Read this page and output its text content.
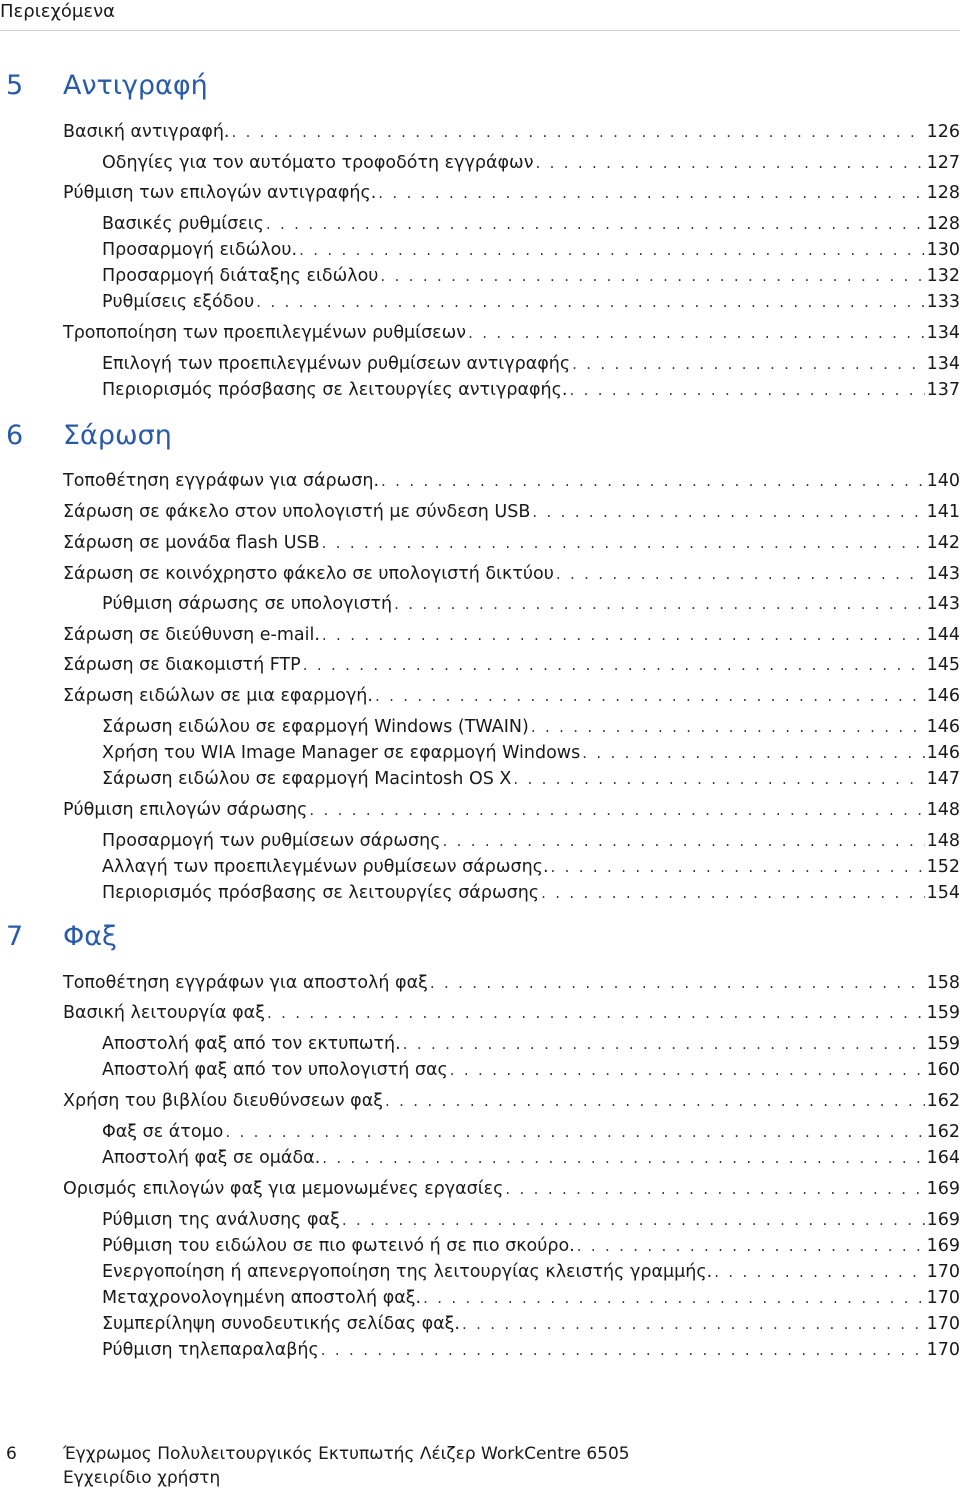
Περιεχόμενα
5 Αντιγραφή
Βασική αντιγραφή. . . .	126
Οδηγίες για τον αυτόματο τροφοδότη εγγράφων . . .	127
Ρύθμιση των επιλογών αντιγραφής. . . .	128
Βασικές ρυθμίσεις . . .	128
Προσαρμογή ειδώλου. . . .	130
Προσαρμογή διάταξης ειδώλου . . .	132
Ρυθμίσεις εξόδου . . .	133
Τροποποίηση των προεπιλεγμένων ρυθμίσεων . . .	134
Επιλογή των προεπιλεγμένων ρυθμίσεων αντιγραφής . . .	134
Περιορισμός πρόσβασης σε λειτουργίες αντιγραφής. . . .	137
6 Σάρωση
Τοποθέτηση εγγράφων για σάρωση. . . .	140
Σάρωση σε φάκελο στον υπολογιστή με σύνδεση USB . . .	141
Σάρωση σε μονάδα flash USB . . .	142
Σάρωση σε κοινόχρηστο φάκελο σε υπολογιστή δικτύου . . .	143
Ρύθμιση σάρωσης σε υπολογιστή . . .	143
Σάρωση σε διεύθυνση e-mail. . . .	144
Σάρωση σε διακομιστή FTP . . .	145
Σάρωση ειδώλων σε μια εφαρμογή. . . .	146
Σάρωση ειδώλου σε εφαρμογή Windows (TWAIN) . . .	146
Χρήση του WIA Image Manager σε εφαρμογή Windows . . .	146
Σάρωση ειδώλου σε εφαρμογή Macintosh OS X . . .	147
Ρύθμιση επιλογών σάρωσης . . .	148
Προσαρμογή των ρυθμίσεων σάρωσης . . .	148
Αλλαγή των προεπιλεγμένων ρυθμίσεων σάρωσης. . . .	152
Περιορισμός πρόσβασης σε λειτουργίες σάρωσης . . .	154
7 Φαξ
Τοποθέτηση εγγράφων για αποστολή φαξ . . .	158
Βασική λειτουργία φαξ . . .	159
Αποστολή φαξ από τον εκτυπωτή. . . .	159
Αποστολή φαξ από τον υπολογιστή σας . . .	160
Χρήση του βιβλίου διευθύνσεων φαξ . . .	162
Φαξ σε άτομο . . .	162
Αποστολή φαξ σε ομάδα. . . .	164
Ορισμός επιλογών φαξ για μεμονωμένες εργασίες . . .	169
Ρύθμιση της ανάλυσης φαξ . . .	169
Ρύθμιση του ειδώλου σε πιο φωτεινό ή σε πιο σκούρο. . . .	169
Ενεργοποίηση ή απενεργοποίηση της λειτουργίας κλειστής γραμμής. . . .	170
Μεταχρονολογημένη αποστολή φαξ. . . .	170
Συμπερίληψη συνοδευτικής σελίδας φαξ. . . .	170
Ρύθμιση τηλεπαραλαβής . . .	170
6	Έγχρωμος Πολυλειτουργικός Εκτυπωτής Λέιζερ WorkCentre 6505
Εγχειρίδιο χρήστη
